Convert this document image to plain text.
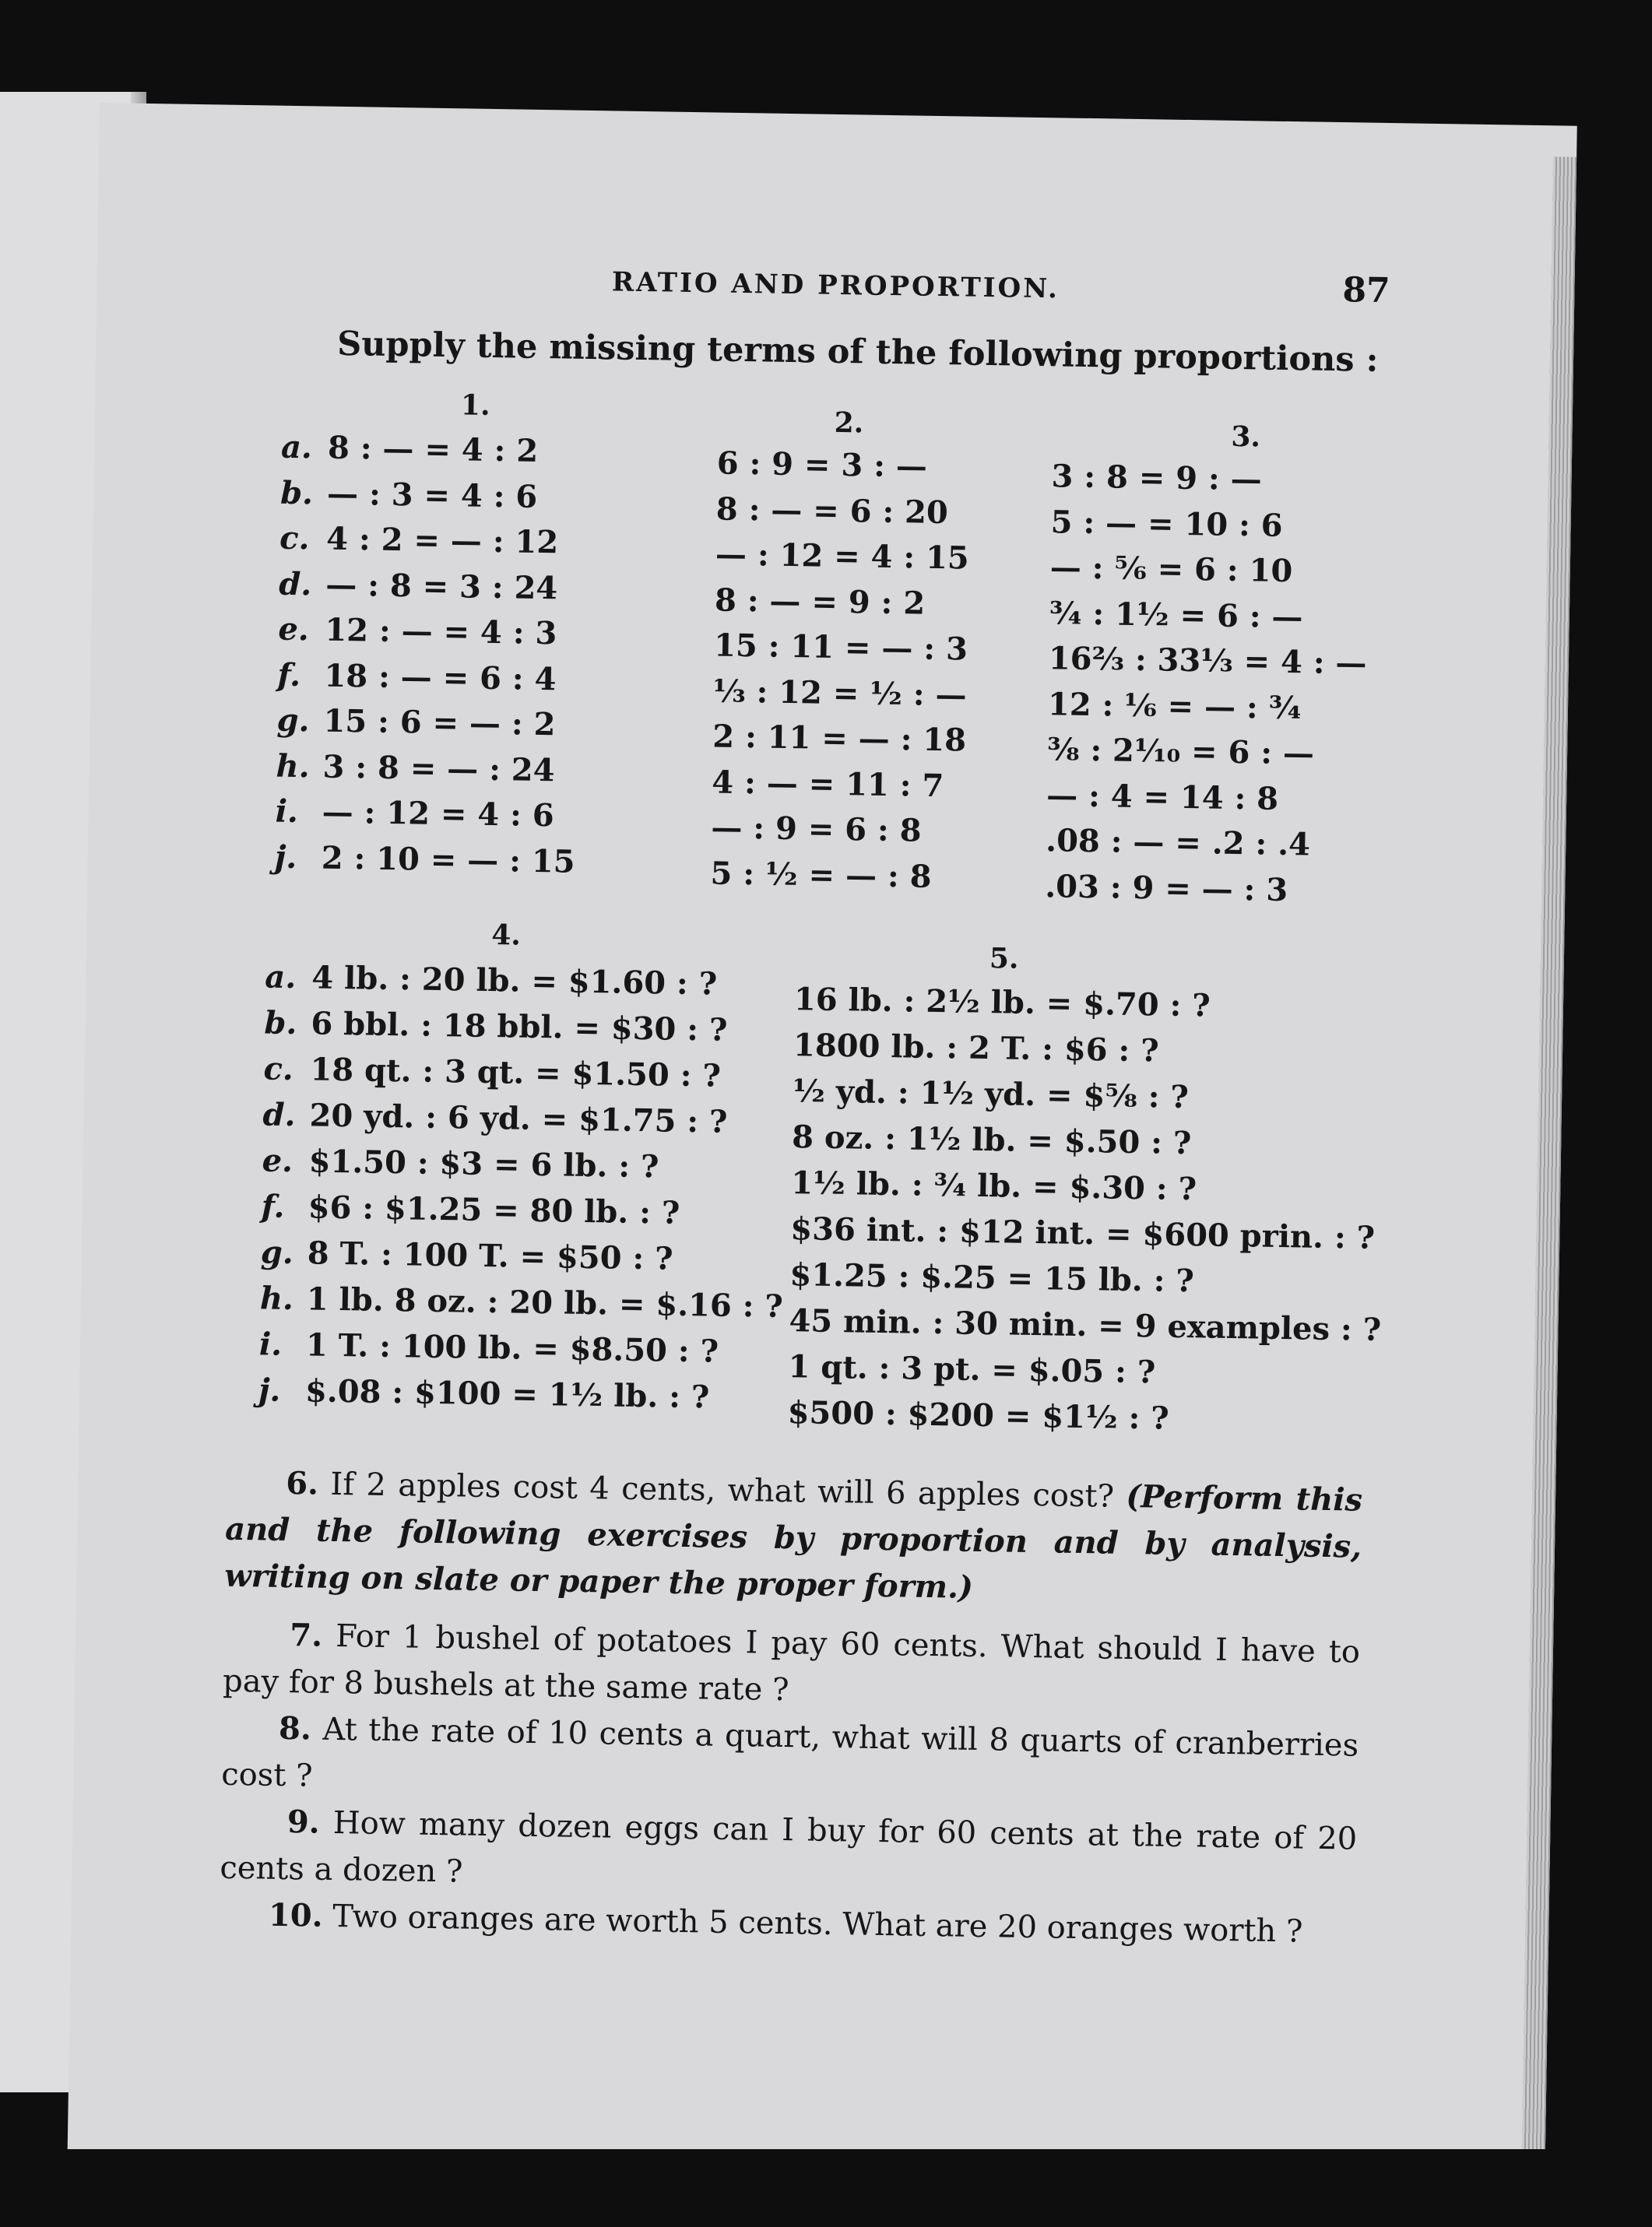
RATIO AND PROPORTION.	87
Supply the missing terms of the following proportions :
1.
a. 8 : — = 4 : 2
b. — : 3 = 4 : 6
c. 4 : 2 = — : 12
d. — : 8 = 3 : 24
e. 12 : — = 4 : 3
f. 18 : — = 6 : 4
g. 15 : 6 = — : 2
h. 3 : 8 = — : 24
i. — : 12 = 4 : 6
j. 2 : 10 = — : 15
2.
6 : 9 = 3 : —
8 : — = 6 : 20
— : 12 = 4 : 15
8 : — = 9 : 2
15 : 11 = — : 3
⅓ : 12 = ½ : —
2 : 11 = — : 18
4 : — = 11 : 7
— : 9 = 6 : 8
5 : ½ = — : 8
3.
3 : 8 = 9 : —
5 : — = 10 : 6
— : ⅚ = 6 : 10
¾ : 1½ = 6 : —
16⅔ : 33⅓ = 4 : —
12 : ⅙ = — : ¾
⅜ : 2¹⁄₁₀ = 6 : —
— : 4 = 14 : 8
.08 : — = .2 : .4
.03 : 9 = — : 3
4.
a. 4 lb. : 20 lb. = $1.60 : ?
b. 6 bbl. : 18 bbl. = $30 : ?
c. 18 qt. : 3 qt. = $1.50 : ?
d. 20 yd. : 6 yd. = $1.75 : ?
e. $1.50 : $3 = 6 lb. : ?
f. $6 : $1.25 = 80 lb. : ?
g. 8 T. : 100 T. = $50 : ?
h. 1 lb. 8 oz. : 20 lb. = $.16 : ?
i. 1 T. : 100 lb. = $8.50 : ?
j. $.08 : $100 = 1½ lb. : ?
5.
16 lb. : 2½ lb. = $.70 : ?
1800 lb. : 2 T. : $6 : ?
½ yd. : 1½ yd. = $⅝ : ?
8 oz. : 1½ lb. = $.50 : ?
1½ lb. : ¾ lb. = $.30 : ?
$36 int. : $12 int. = $600 prin. : ?
$1.25 : $.25 = 15 lb. : ?
45 min. : 30 min. = 9 examples : ?
1 qt. : 3 pt. = $.05 : ?
$500 : $200 = $1½ : ?
6. If 2 apples cost 4 cents, what will 6 apples cost? (Perform this and the following exercises by proportion and by analysis, writing on slate or paper the proper form.)
7. For 1 bushel of potatoes I pay 60 cents. What should I have to pay for 8 bushels at the same rate ?
8. At the rate of 10 cents a quart, what will 8 quarts of cranberries cost ?
9. How many dozen eggs can I buy for 60 cents at the rate of 20 cents a dozen ?
10. Two oranges are worth 5 cents. What are 20 oranges worth ?
